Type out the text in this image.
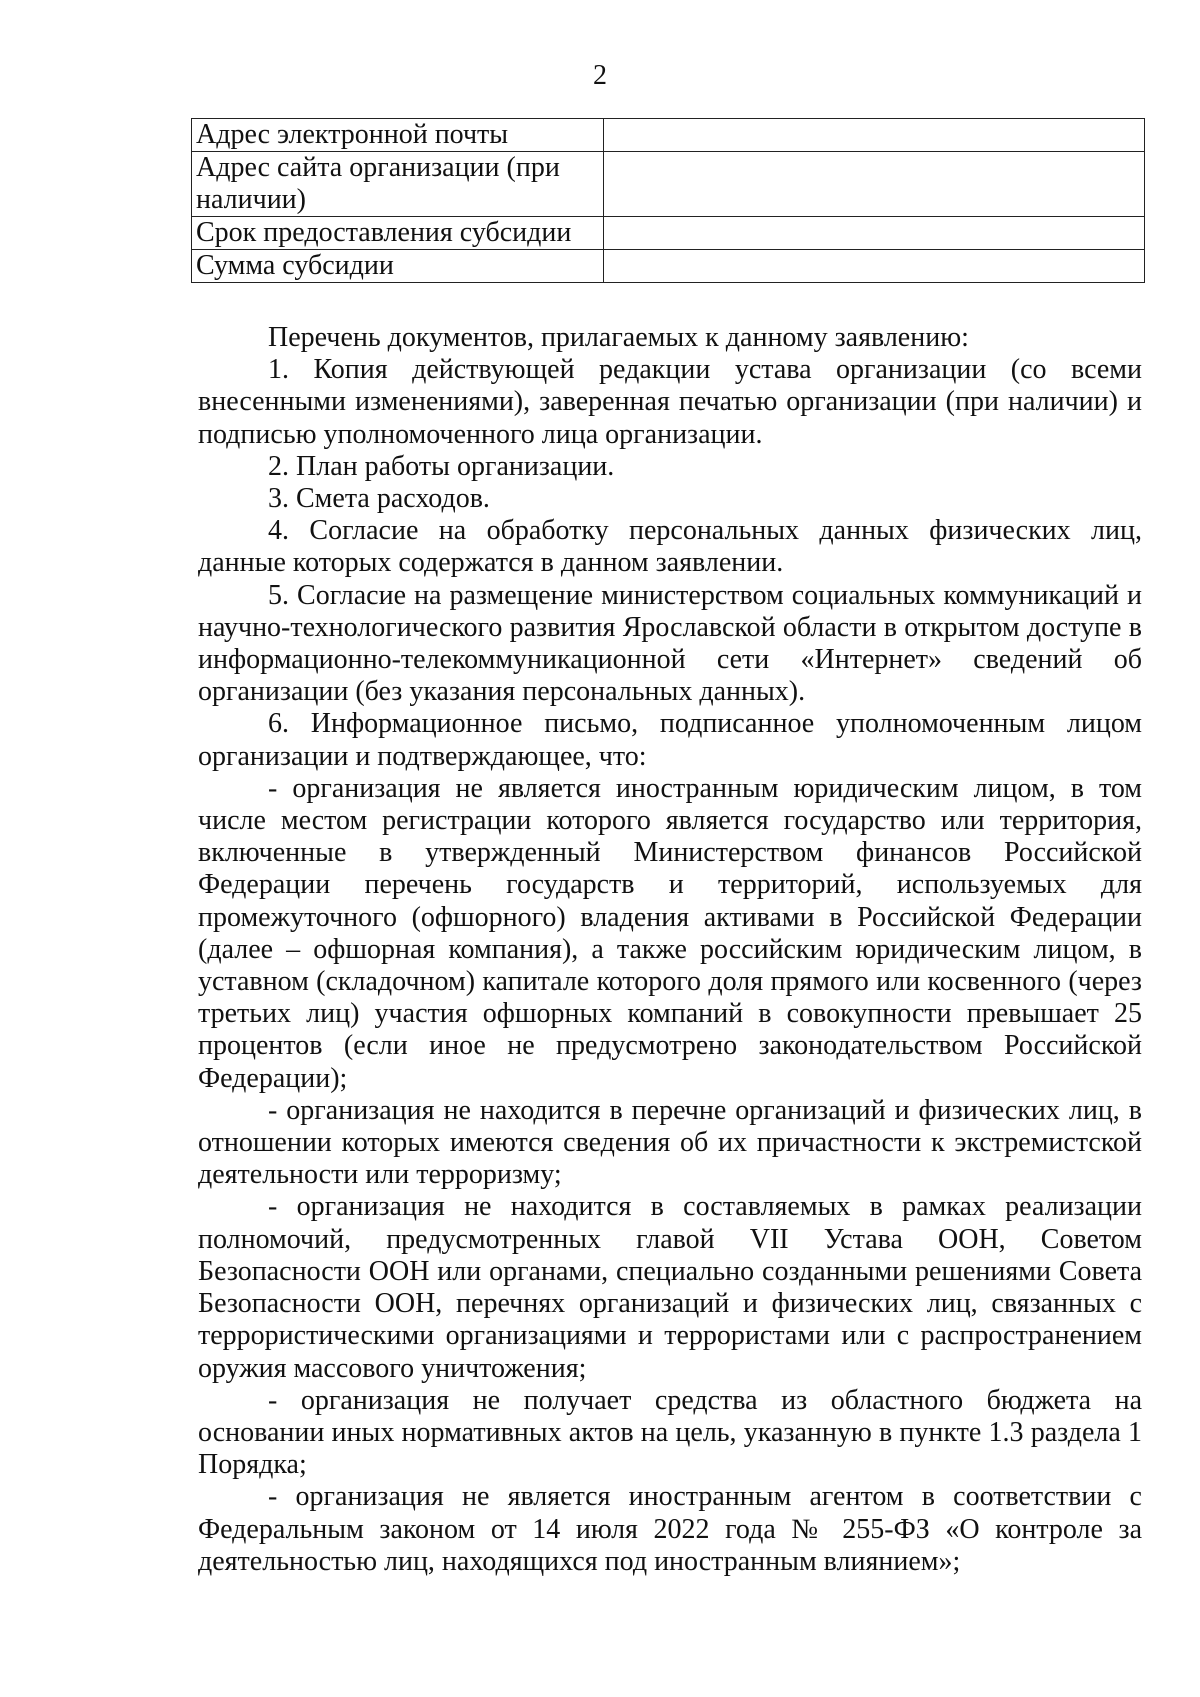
2
Адрес электронной почты	
Адрес сайта организации (при наличии)	
Срок предоставления субсидии	
Сумма субсидии	

Перечень документов, прилагаемых к данному заявлению:

1. Копия действующей редакции устава организации (со всеми внесенными изменениями), заверенная печатью организации (при наличии) и подписью уполномоченного лица организации.

2. План работы организации.

3. Смета расходов.

4. Согласие на обработку персональных данных физических лиц, данные которых содержатся в данном заявлении.

5. Согласие на размещение министерством социальных коммуникаций и научно-технологического развития Ярославской области в открытом доступе в информационно-телекоммуникационной сети «Интернет» сведений об организации (без указания персональных данных).

6. Информационное письмо, подписанное уполномоченным лицом организации и подтверждающее, что:

- организация не является иностранным юридическим лицом, в том числе местом регистрации которого является государство или территория, включенные в утвержденный Министерством финансов Российской Федерации перечень государств и территорий, используемых для промежуточного (офшорного) владения активами в Российской Федерации (далее – офшорная компания), а также российским юридическим лицом, в уставном (складочном) капитале которого доля прямого или косвенного (через третьих лиц) участия офшорных компаний в совокупности превышает 25 процентов (если иное не предусмотрено законодательством Российской Федерации);

- организация не находится в перечне организаций и физических лиц, в отношении которых имеются сведения об их причастности к экстремистской деятельности или терроризму;

- организация не находится в составляемых в рамках реализации полномочий, предусмотренных главой VII Устава ООН, Советом Безопасности ООН или органами, специально созданными решениями Совета Безопасности ООН, перечнях организаций и физических лиц, связанных с террористическими организациями и террористами или с распространением оружия массового уничтожения;

- организация не получает средства из областного бюджета на основании иных нормативных актов на цель, указанную в пункте 1.3 раздела 1 Порядка;

- организация не является иностранным агентом в соответствии с Федеральным законом от 14 июля 2022 года № 255-ФЗ «О контроле за деятельностью лиц, находящихся под иностранным влиянием»;
